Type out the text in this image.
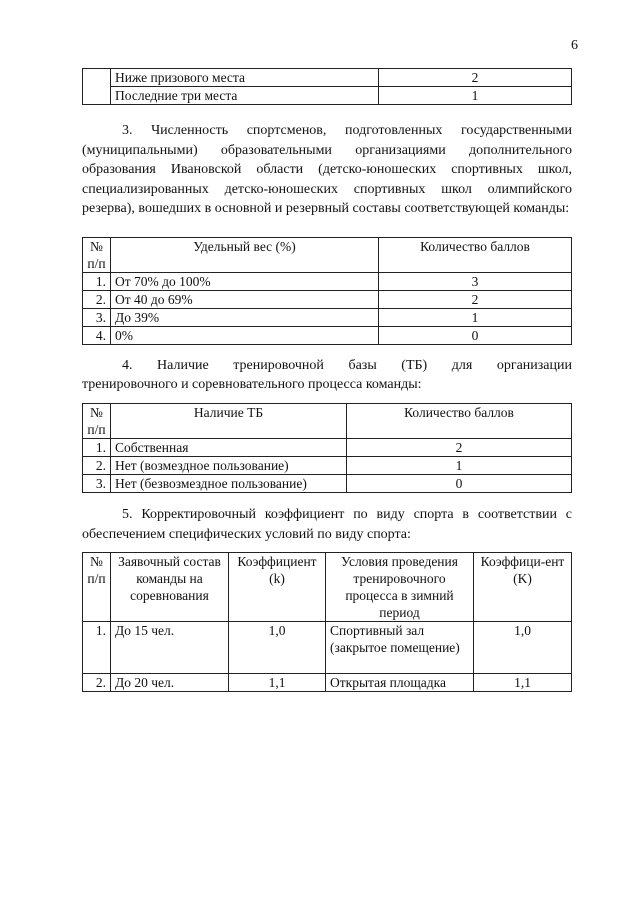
6
	Ниже призового места	2
	Последние три места	1

3. Численность спортсменов, подготовленных государственными (муниципальными) образовательными организациями дополнительного образования Ивановской области (детско-юношеских спортивных школ, специализированных детско-юношеских спортивных школ олимпийского резерва), вошедших в основной и резервный составы соответствующей команды:

№ п/п	Удельный вес (%)	Количество баллов
1.	От 70% до 100%	3
2.	От 40 до 69%	2
3.	До 39%	1
4.	0%	0

4. Наличие тренировочной базы (ТБ) для организации

тренировочного и соревновательного процесса команды:

№ п/п	Наличие ТБ	Количество баллов
1.	Собственная	2
2.	Нет (возмездное пользование)	1
3.	Нет (безвозмездное пользование)	0

5. Корректировочный коэффициент по виду спорта в соответствии с обеспечением специфических условий по виду спорта:

№ п/п	Заявочный состав команды на соревнования	Коэффициент (k)	Условия проведения тренировочного процесса в зимний период	Коэффици-ент (K)
1.	До 15 чел.	1,0	Спортивный зал (закрытое помещение)	1,0
2.	До 20 чел.	1,1	Открытая площадка	1,1
